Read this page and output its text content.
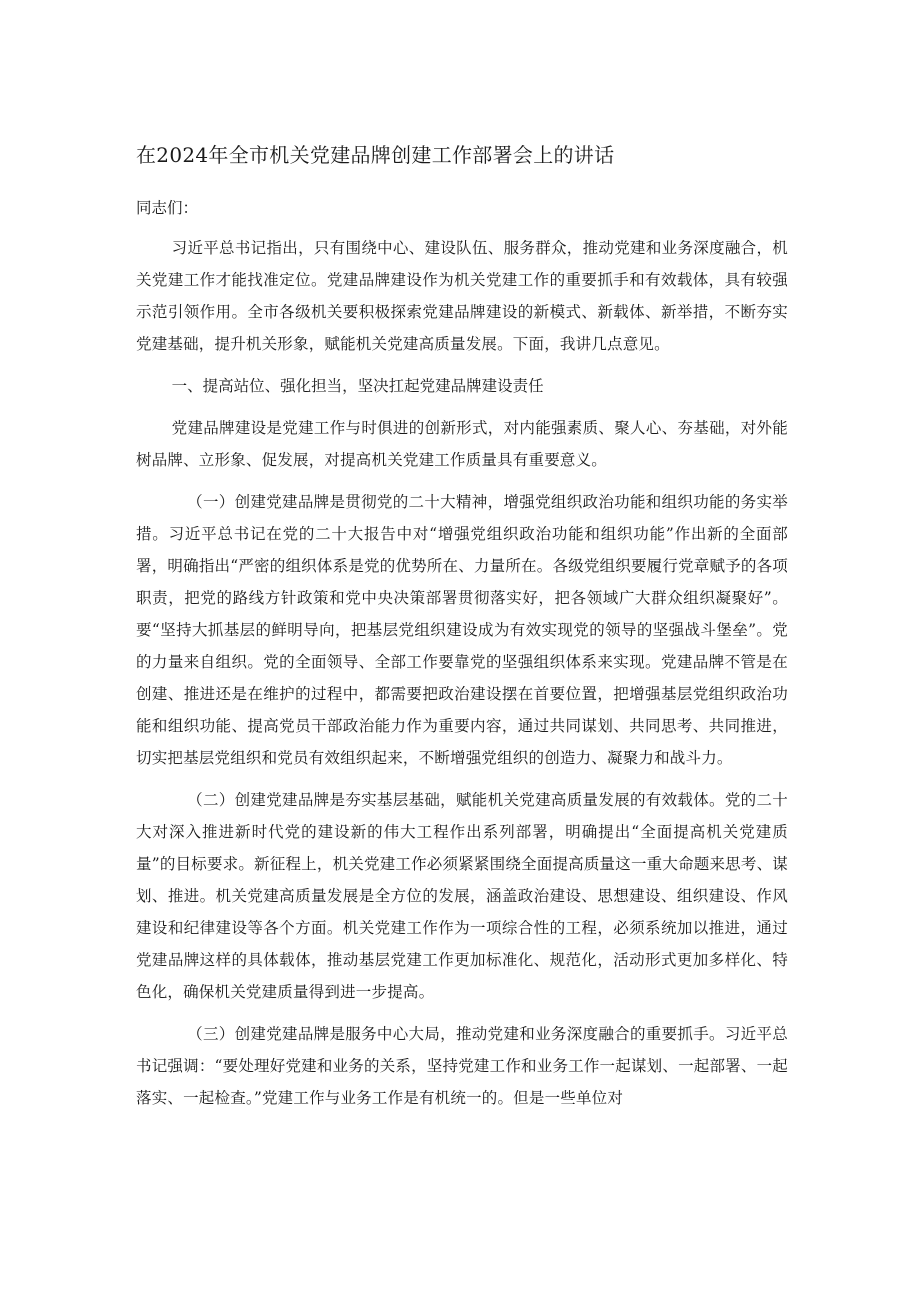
在2024年全市机关党建品牌创建工作部署会上的讲话

同志们：

习近平总书记指出，只有围绕中心、建设队伍、服务群众，推动党建和业务深度融合，机关党建工作才能找准定位。党建品牌建设作为机关党建工作的重要抓手和有效载体，具有较强示范引领作用。全市各级机关要积极探索党建品牌建设的新模式、新载体、新举措，不断夯实党建基础，提升机关形象，赋能机关党建高质量发展。下面，我讲几点意见。

一、提高站位、强化担当，坚决扛起党建品牌建设责任

党建品牌建设是党建工作与时俱进的创新形式，对内能强素质、聚人心、夯基础，对外能树品牌、立形象、促发展，对提高机关党建工作质量具有重要意义。

（一）创建党建品牌是贯彻党的二十大精神，增强党组织政治功能和组织功能的务实举措。习近平总书记在党的二十大报告中对“增强党组织政治功能和组织功能”作出新的全面部署，明确指出“严密的组织体系是党的优势所在、力量所在。各级党组织要履行党章赋予的各项职责，把党的路线方针政策和党中央决策部署贯彻落实好，把各领域广大群众组织凝聚好”。要“坚持大抓基层的鲜明导向，把基层党组织建设成为有效实现党的领导的坚强战斗堡垒”。党的力量来自组织。党的全面领导、全部工作要靠党的坚强组织体系来实现。党建品牌不管是在创建、推进还是在维护的过程中，都需要把政治建设摆在首要位置，把增强基层党组织政治功能和组织功能、提高党员干部政治能力作为重要内容，通过共同谋划、共同思考、共同推进，切实把基层党组织和党员有效组织起来，不断增强党组织的创造力、凝聚力和战斗力。

（二）创建党建品牌是夯实基层基础，赋能机关党建高质量发展的有效载体。党的二十大对深入推进新时代党的建设新的伟大工程作出系列部署，明确提出“全面提高机关党建质量”的目标要求。新征程上，机关党建工作必须紧紧围绕全面提高质量这一重大命题来思考、谋划、推进。机关党建高质量发展是全方位的发展，涵盖政治建设、思想建设、组织建设、作风建设和纪律建设等各个方面。机关党建工作作为一项综合性的工程，必须系统加以推进，通过党建品牌这样的具体载体，推动基层党建工作更加标准化、规范化，活动形式更加多样化、特色化，确保机关党建质量得到进一步提高。

（三）创建党建品牌是服务中心大局，推动党建和业务深度融合的重要抓手。习近平总书记强调：“要处理好党建和业务的关系，坚持党建工作和业务工作一起谋划、一起部署、一起落实、一起检查。”党建工作与业务工作是有机统一的。但是一些单位对
